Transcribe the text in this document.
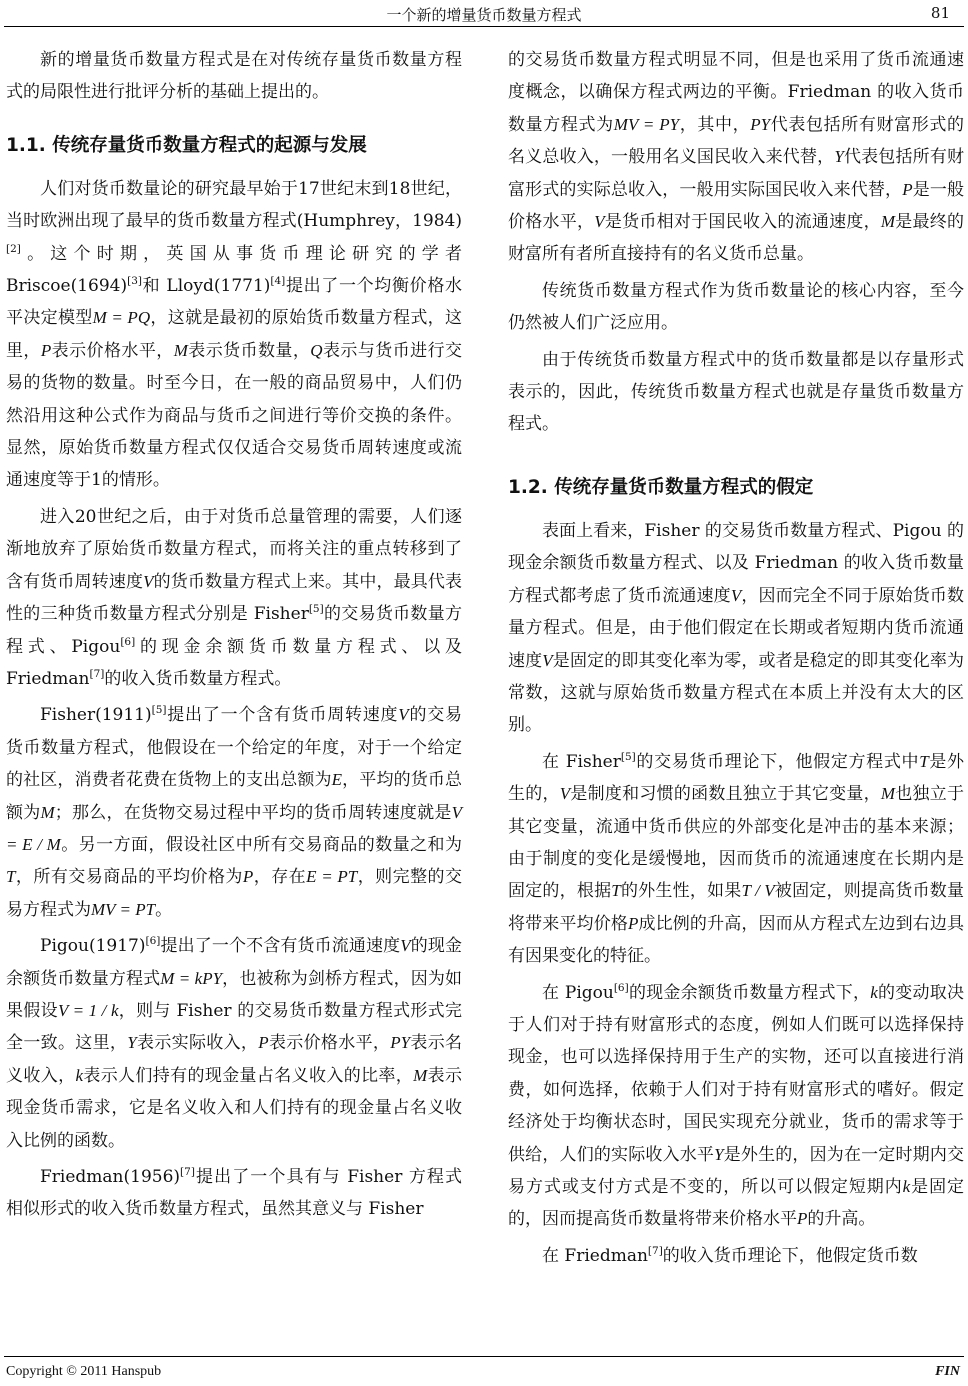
一个新的增量货币数量方程式	81

新的增量货币数量方程式是在对传统存量货币数量方程式的局限性进行批评分析的基础上提出的。

1.1. 传统存量货币数量方程式的起源与发展

人们对货币数量论的研究最早始于17世纪末到18世纪，当时欧洲出现了最早的货币数量方程式(Humphrey，1984)[2]。这个时期，英国从事货币理论研究的学者 Briscoe(1694)[3]和 Lloyd(1771)[4]提出了一个均衡价格水平决定模型M = PQ，这就是最初的原始货币数量方程式，这里，P表示价格水平，M表示货币数量，Q表示与货币进行交易的货物的数量。时至今日，在一般的商品贸易中，人们仍然沿用这种公式作为商品与货币之间进行等价交换的条件。显然，原始货币数量方程式仅仅适合交易货币周转速度或流通速度等于1的情形。

进入20世纪之后，由于对货币总量管理的需要，人们逐渐地放弃了原始货币数量方程式，而将关注的重点转移到了含有货币周转速度V的货币数量方程式上来。其中，最具代表性的三种货币数量方程式分别是 Fisher[5]的交易货币数量方程式、Pigou[6]的现金余额货币数量方程式、以及 Friedman[7]的收入货币数量方程式。

Fisher(1911)[5]提出了一个含有货币周转速度V的交易货币数量方程式，他假设在一个给定的年度，对于一个给定的社区，消费者花费在货物上的支出总额为E，平均的货币总额为M；那么，在货物交易过程中平均的货币周转速度就是V = E / M。另一方面，假设社区中所有交易商品的数量之和为T，所有交易商品的平均价格为P，存在E = PT，则完整的交易方程式为MV = PT。

Pigou(1917)[6]提出了一个不含有货币流通速度V的现金余额货币数量方程式M = kPY，也被称为剑桥方程式，因为如果假设V = 1 / k，则与 Fisher 的交易货币数量方程式形式完全一致。这里，Y表示实际收入，P表示价格水平，PY表示名义收入，k表示人们持有的现金量占名义收入的比率，M表示现金货币需求，它是名义收入和人们持有的现金量占名义收入比例的函数。

Friedman(1956)[7]提出了一个具有与 Fisher 方程式相似形式的收入货币数量方程式，虽然其意义与 Fisher

的交易货币数量方程式明显不同，但是也采用了货币流通速度概念，以确保方程式两边的平衡。Friedman 的收入货币数量方程式为MV = PY，其中，PY代表包括所有财富形式的名义总收入，一般用名义国民收入来代替，Y代表包括所有财富形式的实际总收入，一般用实际国民收入来代替，P是一般价格水平，V是货币相对于国民收入的流通速度，M是最终的财富所有者所直接持有的名义货币总量。

传统货币数量方程式作为货币数量论的核心内容，至今仍然被人们广泛应用。

由于传统货币数量方程式中的货币数量都是以存量形式表示的，因此，传统货币数量方程式也就是存量货币数量方程式。

1.2. 传统存量货币数量方程式的假定

表面上看来，Fisher 的交易货币数量方程式、Pigou 的现金余额货币数量方程式、以及 Friedman 的收入货币数量方程式都考虑了货币流通速度V，因而完全不同于原始货币数量方程式。但是，由于他们假定在长期或者短期内货币流通速度V是固定的即其变化率为零，或者是稳定的即其变化率为常数，这就与原始货币数量方程式在本质上并没有太大的区别。

在 Fisher[5]的交易货币理论下，他假定方程式中T是外生的，V是制度和习惯的函数且独立于其它变量，M也独立于其它变量，流通中货币供应的外部变化是冲击的基本来源；由于制度的变化是缓慢地，因而货币的流通速度在长期内是固定的，根据T的外生性，如果T / V被固定，则提高货币数量将带来平均价格P成比例的升高，因而从方程式左边到右边具有因果变化的特征。

在 Pigou[6]的现金余额货币数量方程式下，k的变动取决于人们对于持有财富形式的态度，例如人们既可以选择保持现金，也可以选择保持用于生产的实物，还可以直接进行消费，如何选择，依赖于人们对于持有财富形式的嗜好。假定经济处于均衡状态时，国民实现充分就业，货币的需求等于供给，人们的实际收入水平Y是外生的，因为在一定时期内交易方式或支付方式是不变的，所以可以假定短期内k是固定的，因而提高货币数量将带来价格水平P的升高。

在 Friedman[7]的收入货币理论下，他假定货币数

Copyright © 2011 Hanspub	FIN
